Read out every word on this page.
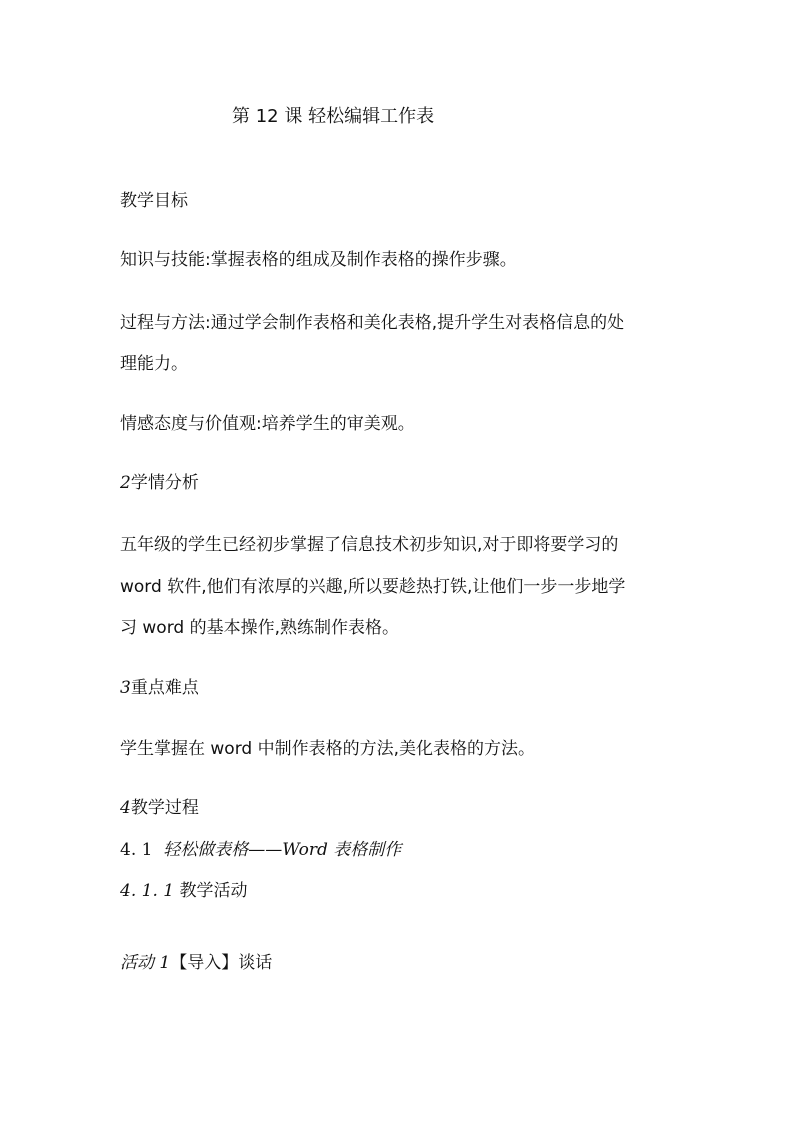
第 12 课 轻松编辑工作表
教学目标
知识与技能:掌握表格的组成及制作表格的操作步骤。
过程与方法:通过学会制作表格和美化表格,提升学生对表格信息的处
理能力。
情感态度与价值观:培养学生的审美观。
2学情分析
五年级的学生已经初步掌握了信息技术初步知识,对于即将要学习的
word 软件,他们有浓厚的兴趣,所以要趁热打铁,让他们一步一步地学
习 word 的基本操作,熟练制作表格。
3重点难点
学生掌握在 word 中制作表格的方法,美化表格的方法。
4教学过程
4. 1 轻松做表格——Word 表格制作
4. 1. 1 教学活动
活动 1【导入】谈话
